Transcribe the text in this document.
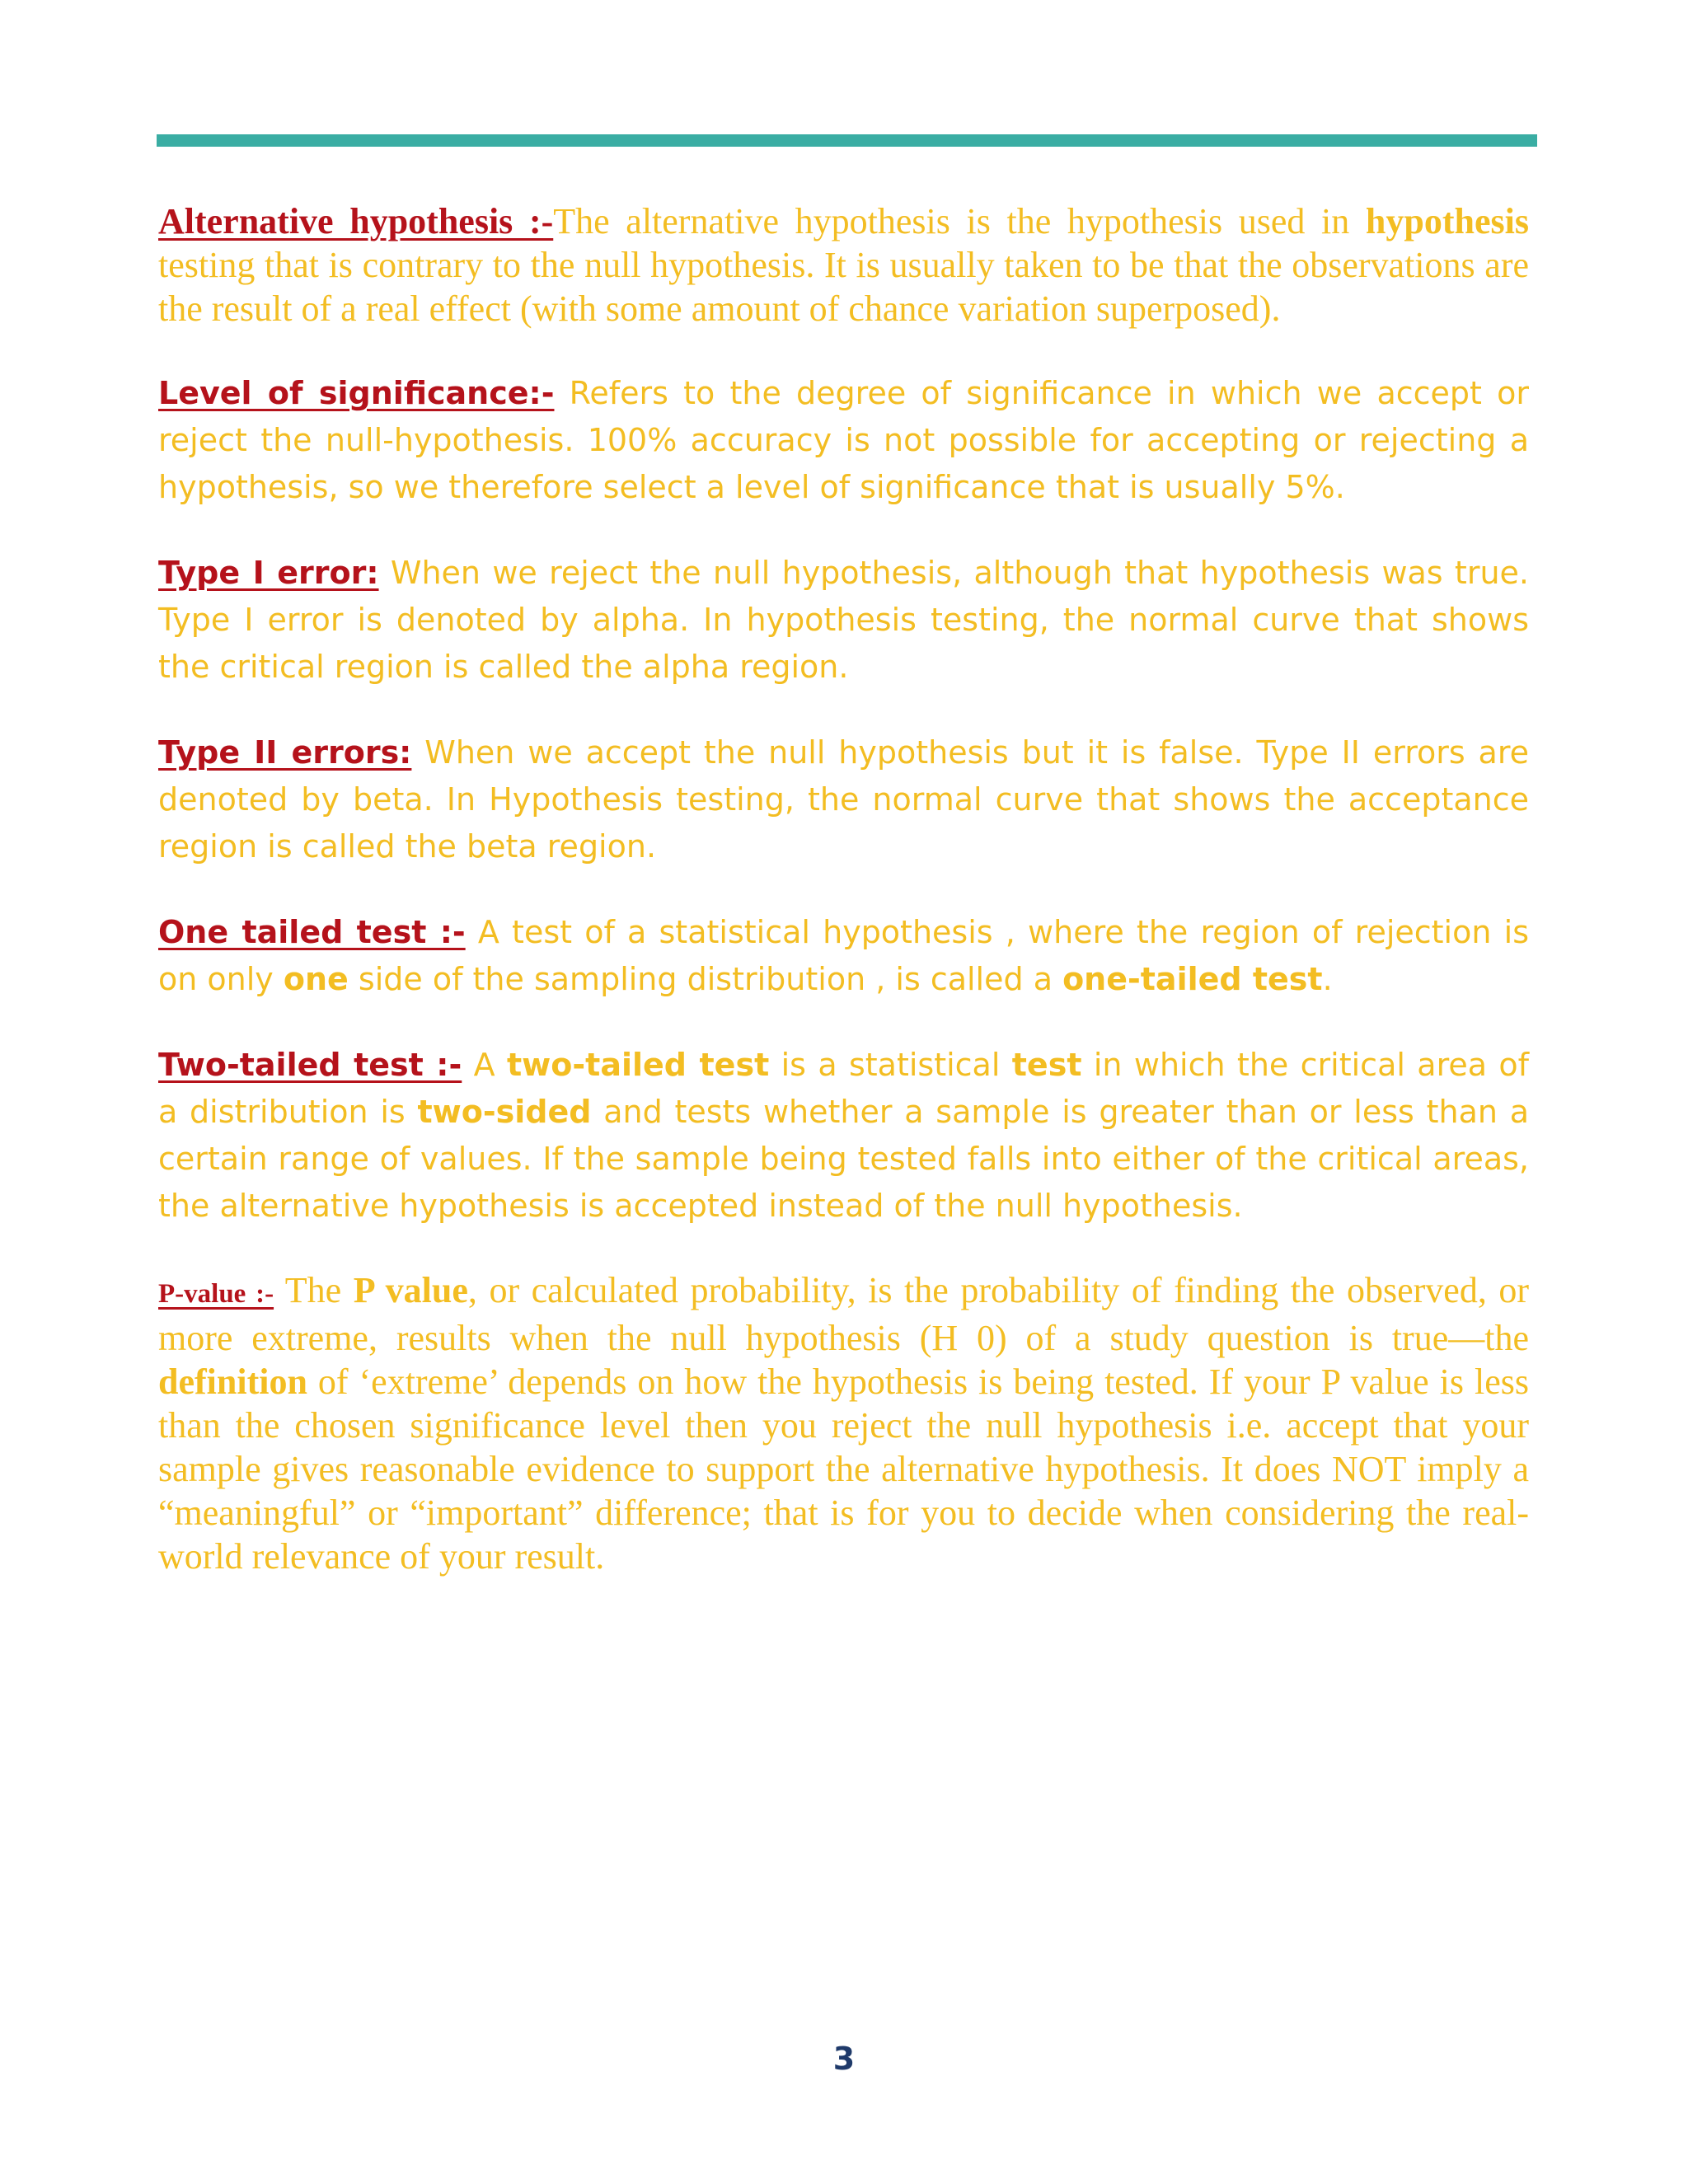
Alternative hypothesis :-The alternative hypothesis is the hypothesis used in hypothesis testing that is contrary to the null hypothesis. It is usually taken to be that the observations are the result of a real effect (with some amount of chance variation superposed).

Level of significance:- Refers to the degree of significance in which we accept or reject the null-hypothesis. 100% accuracy is not possible for accepting or rejecting a hypothesis, so we therefore select a level of significance that is usually 5%.

Type I error: When we reject the null hypothesis, although that hypothesis was true. Type I error is denoted by alpha. In hypothesis testing, the normal curve that shows the critical region is called the alpha region.

Type II errors: When we accept the null hypothesis but it is false. Type II errors are denoted by beta. In Hypothesis testing, the normal curve that shows the acceptance region is called the beta region.

One tailed test :- A test of a statistical hypothesis , where the region of rejection is on only one side of the sampling distribution , is called a one-tailed test.

Two-tailed test :- A two-tailed test is a statistical test in which the critical area of a distribution is two-sided and tests whether a sample is greater than or less than a certain range of values. If the sample being tested falls into either of the critical areas, the alternative hypothesis is accepted instead of the null hypothesis.

P-value :- The P value, or calculated probability, is the probability of finding the observed, or more extreme, results when the null hypothesis (H 0) of a study question is true—the definition of ‘extreme’ depends on how the hypothesis is being tested. If your P value is less than the chosen significance level then you reject the null hypothesis i.e. accept that your sample gives reasonable evidence to support the alternative hypothesis. It does NOT imply a “meaningful” or “important” difference; that is for you to decide when considering the real-world relevance of your result.

3
